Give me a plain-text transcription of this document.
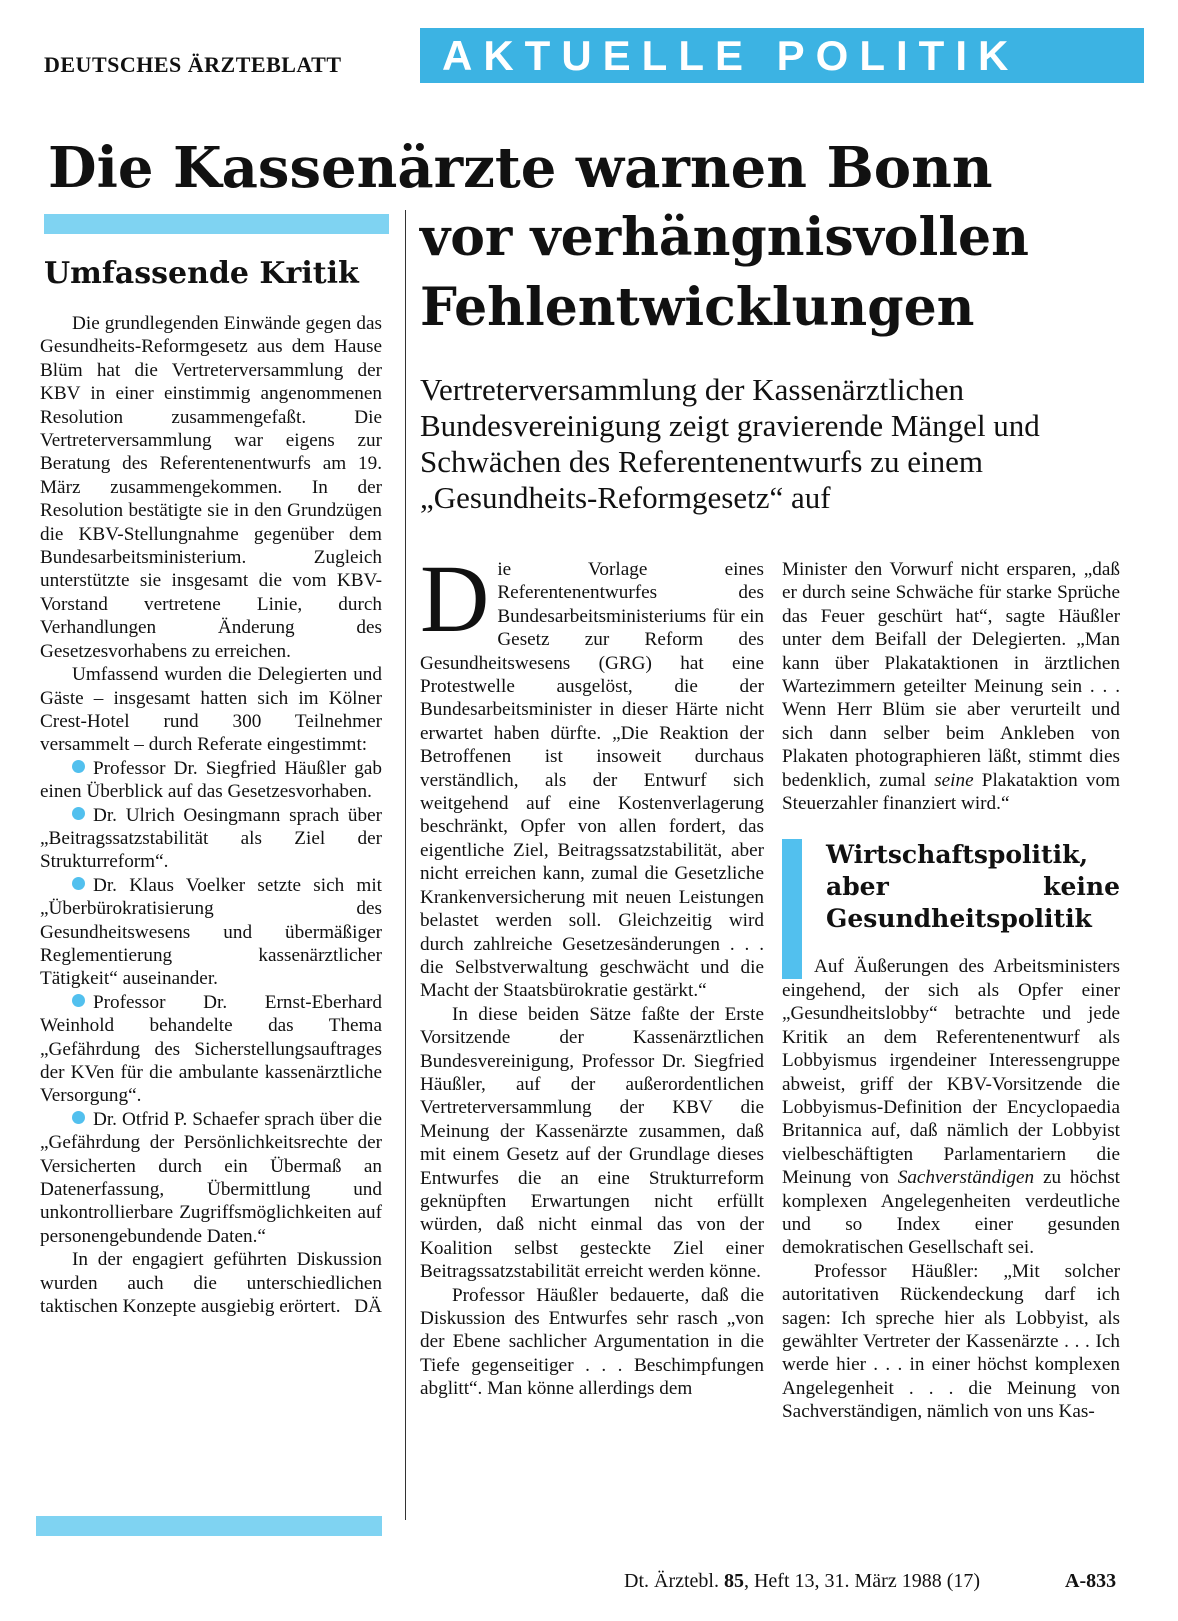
DEUTSCHES ÄRZTEBLATT	AKTUELLE POLITIK
Die Kassenärzte warnen Bonn
vor verhängnisvollen
Fehlentwicklungen
Vertreterversammlung der Kassenärztlichen Bundesvereinigung zeigt gravierende Mängel und Schwächen des Referentenentwurfs zu einem „Gesundheits-Reformgesetz“ auf
Umfassende Kritik

Die grundlegenden Einwände gegen das Gesundheits-Reformgesetz aus dem Hause Blüm hat die Vertreterversammlung der KBV in einer einstimmig angenommenen Resolution zusammengefaßt. Die Vertreterversammlung war eigens zur Beratung des Referentenentwurfs am 19. März zusammengekommen. In der Resolution bestätigte sie in den Grundzügen die KBV-Stellungnahme gegenüber dem Bundesarbeitsministerium. Zugleich unterstützte sie insgesamt die vom KBV-Vorstand vertretene Linie, durch Verhandlungen Änderung des Gesetzesvorhabens zu erreichen.

Umfassend wurden die Delegierten und Gäste – insgesamt hatten sich im Kölner Crest-Hotel rund 300 Teilnehmer versammelt – durch Referate eingestimmt:

Professor Dr. Siegfried Häußler gab einen Überblick auf das Gesetzesvorhaben.

Dr. Ulrich Oesingmann sprach über „Beitragssatzstabilität als Ziel der Strukturreform“.

Dr. Klaus Voelker setzte sich mit „Überbürokratisierung des Gesundheitswesens und übermäßiger Reglementierung kassenärztlicher Tätigkeit“ auseinander.

Professor Dr. Ernst-Eberhard Weinhold behandelte das Thema „Gefährdung des Sicherstellungsauftrages der KVen für die ambulante kassenärztliche Versorgung“.

Dr. Otfrid P. Schaefer sprach über die „Gefährdung der Persönlichkeitsrechte der Versicherten durch ein Übermaß an Datenerfassung, Übermittlung und unkontrollierbare Zugriffsmöglichkeiten auf personengebundende Daten.“

In der engagiert geführten Diskussion wurden auch die unterschiedlichen taktischen Konzepte ausgiebig erörtert. DÄ

Die Vorlage eines Referentenentwurfes des Bundesarbeitsministeriums für ein Gesetz zur Reform des Gesundheitswesens (GRG) hat eine Protestwelle ausgelöst, die der Bundesarbeitsminister in dieser Härte nicht erwartet haben dürfte. „Die Reaktion der Betroffenen ist insoweit durchaus verständlich, als der Entwurf sich weitgehend auf eine Kostenverlagerung beschränkt, Opfer von allen fordert, das eigentliche Ziel, Beitragssatzstabilität, aber nicht erreichen kann, zumal die Gesetzliche Krankenversicherung mit neuen Leistungen belastet werden soll. Gleichzeitig wird durch zahlreiche Gesetzesänderungen . . . die Selbstverwaltung geschwächt und die Macht der Staatsbürokratie gestärkt.“

In diese beiden Sätze faßte der Erste Vorsitzende der Kassenärztlichen Bundesvereinigung, Professor Dr. Siegfried Häußler, auf der außerordentlichen Vertreterversammlung der KBV die Meinung der Kassenärzte zusammen, daß mit einem Gesetz auf der Grundlage dieses Entwurfes die an eine Strukturreform geknüpften Erwartungen nicht erfüllt würden, daß nicht einmal das von der Koalition selbst gesteckte Ziel einer Beitragssatzstabilität erreicht werden könne.

Professor Häußler bedauerte, daß die Diskussion des Entwurfes sehr rasch „von der Ebene sachlicher Argumentation in die Tiefe gegenseitiger . . . Beschimpfungen abglitt“. Man könne allerdings dem

Minister den Vorwurf nicht ersparen, „daß er durch seine Schwäche für starke Sprüche das Feuer geschürt hat“, sagte Häußler unter dem Beifall der Delegierten. „Man kann über Plakataktionen in ärztlichen Wartezimmern geteilter Meinung sein . . . Wenn Herr Blüm sie aber verurteilt und sich dann selber beim Ankleben von Plakaten photographieren läßt, stimmt dies bedenklich, zumal seine Plakataktion vom Steuerzahler finanziert wird.“

Wirtschaftspolitik, aber keine Gesundheitspolitik

Auf Äußerungen des Arbeitsministers eingehend, der sich als Opfer einer „Gesundheitslobby“ betrachte und jede Kritik an dem Referentenentwurf als Lobbyismus irgendeiner Interessengruppe abweist, griff der KBV-Vorsitzende die Lobbyismus-Definition der Encyclopaedia Britannica auf, daß nämlich der Lobbyist vielbeschäftigten Parlamentariern die Meinung von Sachverständigen zu höchst komplexen Angelegenheiten verdeutliche und so Index einer gesunden demokratischen Gesellschaft sei.

Professor Häußler: „Mit solcher autoritativen Rückendeckung darf ich sagen: Ich spreche hier als Lobbyist, als gewählter Vertreter der Kassenärzte . . . Ich werde hier . . . in einer höchst komplexen Angelegenheit . . . die Meinung von Sachverständigen, nämlich von uns Kas-

Dt. Ärztebl. 85, Heft 13, 31. März 1988 (17)	A-833
